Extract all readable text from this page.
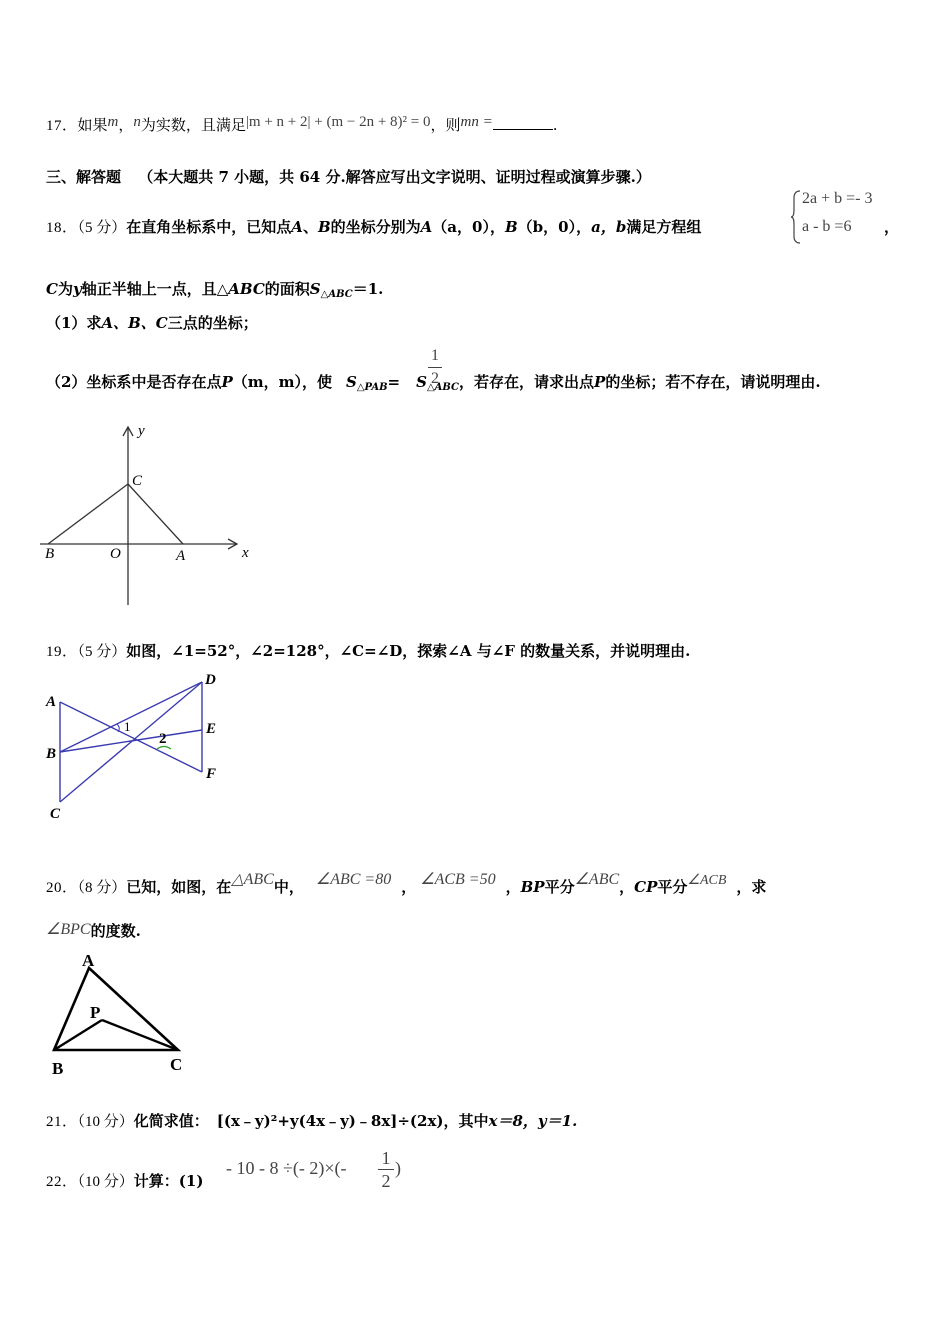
17．如果m，n为实数，且满足|m + n + 2| + (m − 2n + 8)² = 0，则mn =	.
三、解答题 （本大题共 7 小题，共 64 分.解答应写出文字说明、证明过程或演算步骤.）
18．（5 分）在直角坐标系中，已知点A、B的坐标分别为A（a，0），B（b，0），a，b满足方程组
2a + b =- 3
a - b =6 ，
C为y轴正半轴上一点，且△ABC的面积$S_{\triangle ABC}=1$.
（1）求A、B、C三点的坐标；
（2）坐标系中是否存在点P（m，m），使 $S_{\triangle PAB}= S_{\triangle ABC}$，若存在，请求出点P的坐标；若不存在，请说明理由.
1
2
y
x
C
B	O	A
19．（5 分）如图，∠1=52°，∠2=128°，∠C=∠D，探索∠A 与∠F 的数量关系，并说明理由.
A
B
C
D
E
F
1
2
20．（8 分）已知，如图，在△ABC中， ∠ABC =80 ， ∠ACB =50 ，BP平分∠ABC，CP平分∠ACB ，求
∠BPC的度数.
A
P
B	C
21．（10 分）化简求值： [(x﹣y)²+y(4x﹣y)﹣8x]÷(2x)，其中x＝8，y＝1.
22．（10 分）计算：(1)
- 10 - 8 ÷(- 2)×(- 1
2
)
